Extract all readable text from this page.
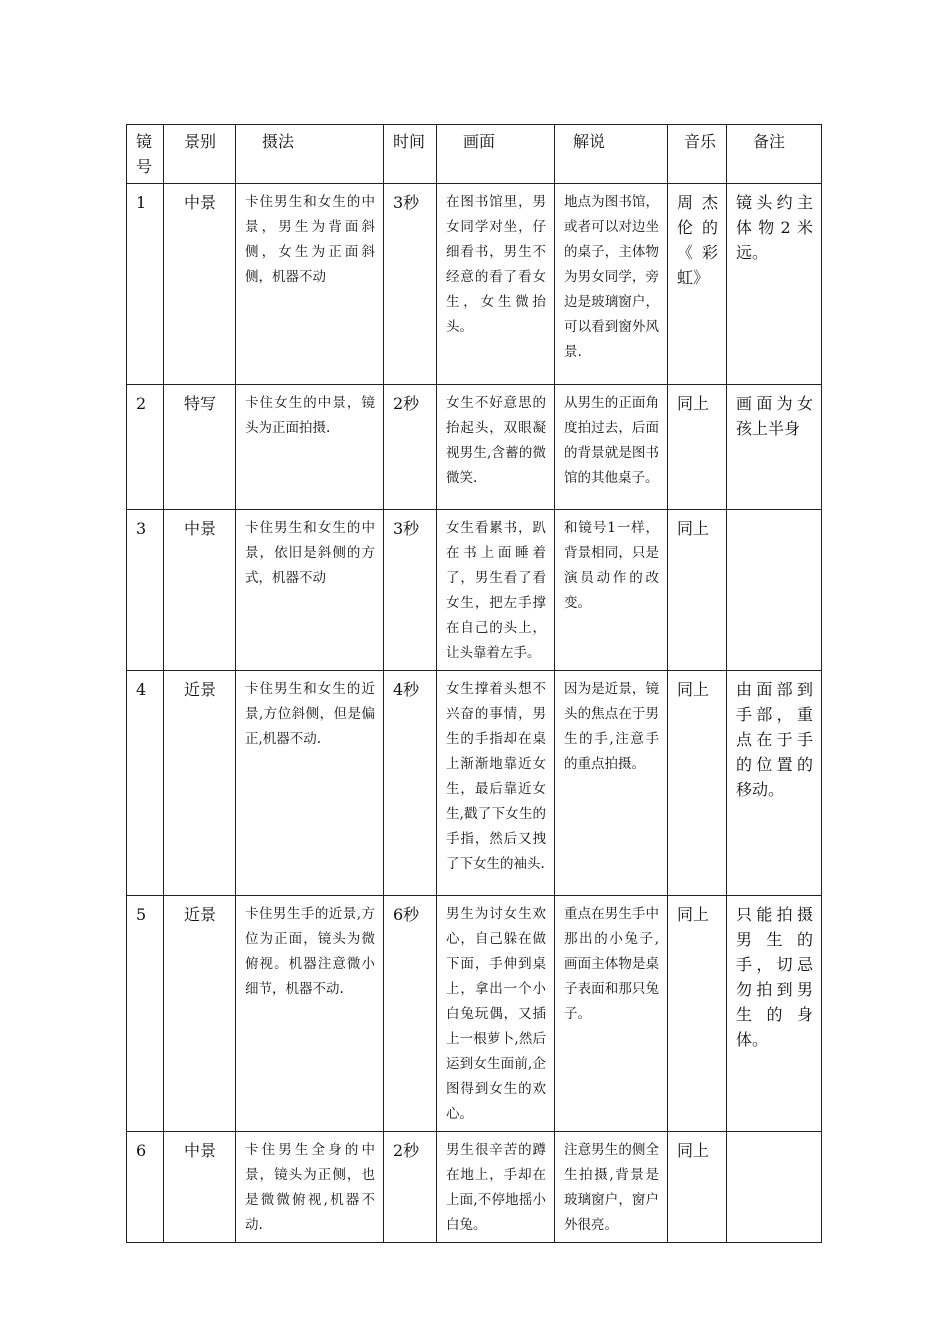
镜号	景别	摄法	时间	画面	解说	音乐	备注
1	中景	卡住男生和女生的中景，男生为背面斜侧，女生为正面斜侧，机器不动	3秒	在图书馆里，男女同学对坐，仔细看书，男生不经意的看了看女生，女生微抬头。	地点为图书馆，或者可以对边坐的桌子，主体物为男女同学，旁边是玻璃窗户，可以看到窗外风景.	周杰伦的《彩虹》	镜头约主体物2米远。
2	特写	卡住女生的中景，镜头为正面拍摄.	2秒	女生不好意思的抬起头，双眼凝视男生,含蓄的微微笑.	从男生的正面角度拍过去，后面的背景就是图书馆的其他桌子。	同上	画面为女孩上半身
3	中景	卡住男生和女生的中景，依旧是斜侧的方式，机器不动	3秒	女生看累书，趴在书上面睡着了，男生看了看女生，把左手撑在自己的头上，让头靠着左手。	和镜号1一样，背景相同，只是演员动作的改变。	同上	
4	近景	卡住男生和女生的近景,方位斜侧，但是偏正,机器不动.	4秒	女生撑着头想不兴奋的事情，男生的手指却在桌上渐渐地靠近女生，最后靠近女生,戳了下女生的手指，然后又拽了下女生的袖头.	因为是近景，镜头的焦点在于男生的手,注意手的重点拍摄。	同上	由面部到手部，重点在于手的位置的移动。
5	近景	卡住男生手的近景,方位为正面，镜头为微俯视。机器注意微小细节，机器不动.	6秒	男生为讨女生欢心，自己躲在做下面，手伸到桌上，拿出一个小白兔玩偶，又插上一根萝卜,然后运到女生面前,企图得到女生的欢心。	重点在男生手中那出的小兔子,画面主体物是桌子表面和那只兔子。	同上	只能拍摄男生的手，切忌勿拍到男生的身体。
6	中景	卡住男生全身的中景，镜头为正侧，也是微微俯视,机器不动.	2秒	男生很辛苦的蹲在地上，手却在上面,不停地摇小白兔。	注意男生的侧全生拍摄,背景是玻璃窗户，窗户外很亮。	同上	
